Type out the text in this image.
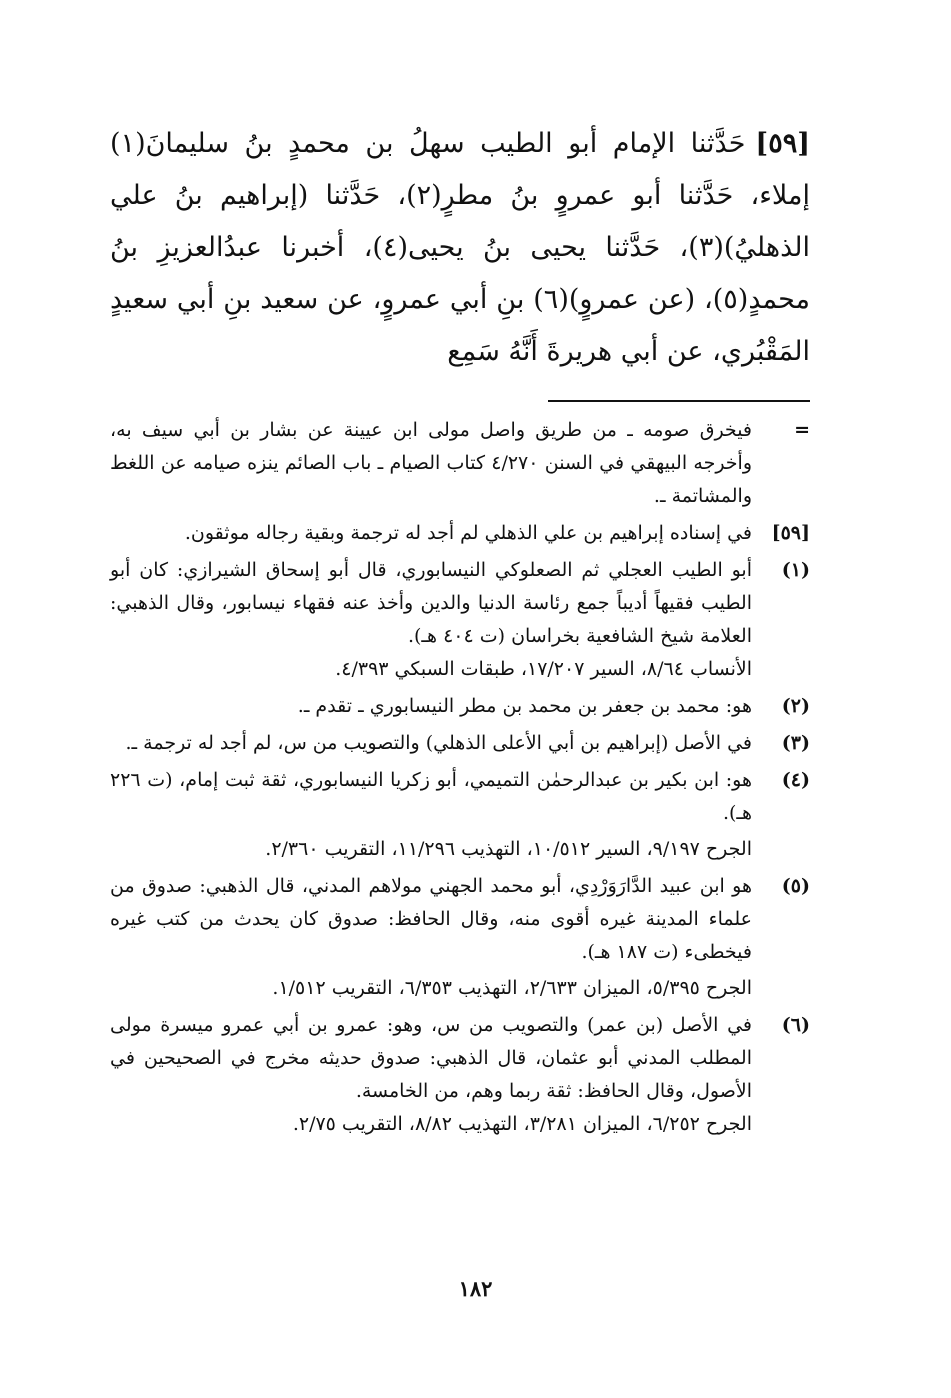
[٥٩]حَدَّثنا الإمام أبو الطيب سهلُ بن محمدٍ بنُ سليمانَ(١) إملاء، حَدَّثنا أبو عمروٍ بنُ مطرٍ(٢)، حَدَّثنا (إبراهيم بنُ علي الذهليُ)(٣)، حَدَّثنا يحيى بنُ يحيى(٤)، أخبرنا عبدُالعزيزِ بنُ محمدٍ(٥)، (عن عمروٍ)(٦) بنِ أبي عمروٍ، عن سعيد بنِ أبي سعيدٍ المَقْبُري، عن أبي هريرةَ أَنَّهُ سَمِع

=
فيخرق صومه ـ من طريق واصل مولى ابن عيينة عن بشار بن أبي سيف به، وأخرجه البيهقي في السنن ٤/٢٧٠ كتاب الصيام ـ باب الصائم ينزه صيامه عن اللغط والمشاتمة ـ.
[٥٩]
في إسناده إبراهيم بن علي الذهلي لم أجد له ترجمة وبقية رجاله موثقون.
(١)
أبو الطيب العجلي ثم الصعلوكي النيسابوري، قال أبو إسحاق الشيرازي: كان أبو الطيب فقيهاً أديباً جمع رئاسة الدنيا والدين وأخذ عنه فقهاء نيسابور، وقال الذهبي: العلامة شيخ الشافعية بخراسان (ت ٤٠٤ هـ).
الأنساب ٨/٦٤، السير ١٧/٢٠٧، طبقات السبكي ٤/٣٩٣.
(٢)
هو: محمد بن جعفر بن محمد بن مطر النيسابوري ـ تقدم ـ.
(٣)
في الأصل (إبراهيم بن أبي الأعلى الذهلي) والتصويب من س، لم أجد له ترجمة ـ.
(٤)
هو: ابن بكير بن عبدالرحمٰن التميمي، أبو زكريا النيسابوري، ثقة ثبت إمام، (ت ٢٢٦ هـ).
الجرح ٩/١٩٧، السير ١٠/٥١٢، التهذيب ١١/٢٩٦، التقريب ٢/٣٦٠.
(٥)
هو ابن عبيد الدَّارَوَرْدِي، أبو محمد الجهني مولاهم المدني، قال الذهبي: صدوق من علماء المدينة غيره أقوى منه، وقال الحافظ: صدوق كان يحدث من كتب غيره فيخطىء (ت ١٨٧ هـ).
الجرح ٥/٣٩٥، الميزان ٢/٦٣٣، التهذيب ٦/٣٥٣، التقريب ١/٥١٢.
(٦)
في الأصل (بن عمر) والتصويب من س، وهو: عمرو بن أبي عمرو ميسرة مولى المطلب المدني أبو عثمان، قال الذهبي: صدوق حديثه مخرج في الصحيحين في الأصول، وقال الحافظ: ثقة ربما وهم، من الخامسة.
الجرح ٦/٢٥٢، الميزان ٣/٢٨١، التهذيب ٨/٨٢، التقريب ٢/٧٥.
١٨٢
